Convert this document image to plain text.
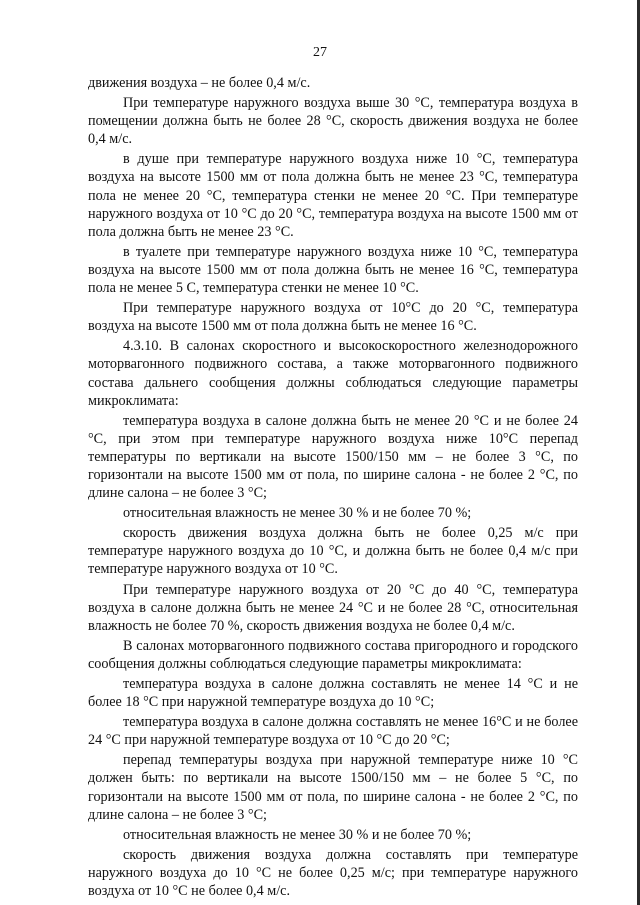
27

движения воздуха – не более 0,4 м/с.

При температуре наружного воздуха выше 30 °С, температура воздуха в помещении должна быть не более 28 °С, скорость движения воздуха не более 0,4 м/с.

в душе при температуре наружного воздуха ниже 10 °С, температура воздуха на высоте 1500 мм от пола должна быть не менее 23 °С, температура пола не менее 20 °С, температура стенки не менее 20 °С. При температуре наружного воздуха от 10 °С до 20 °С, температура воздуха на высоте 1500 мм от пола должна быть не менее 23 °С.

в туалете при температуре наружного воздуха ниже 10 °С, температура воздуха на высоте 1500 мм от пола должна быть не менее 16 °С, температура пола не менее 5 С, температура стенки не менее 10 °С.

При температуре наружного воздуха от 10°С до 20 °С, температура воздуха на высоте 1500 мм от пола должна быть не менее 16 °С.

4.3.10. В салонах скоростного и высокоскоростного железнодорожного моторвагонного подвижного состава, а также моторвагонного подвижного состава дальнего сообщения должны соблюдаться следующие параметры микроклимата:

температура воздуха в салоне должна быть не менее 20 °С и не более 24 °С, при этом при температуре наружного воздуха ниже 10°С перепад температуры по вертикали на высоте 1500/150 мм – не более 3 °С, по горизонтали на высоте 1500 мм от пола, по ширине салона - не более 2 °С, по длине салона – не более 3 °С;

относительная влажность не менее 30 % и не более 70 %;

скорость движения воздуха должна быть не более 0,25 м/с при температуре наружного воздуха до 10 °С, и должна быть не более 0,4 м/с при температуре наружного воздуха от 10 °С.

При температуре наружного воздуха от 20 °С до 40 °С, температура воздуха в салоне должна быть не менее 24 °С и не более 28 °С, относительная влажность не более 70 %, скорость движения воздуха не более 0,4 м/с.

В салонах моторвагонного подвижного состава пригородного и городского сообщения должны соблюдаться следующие параметры микроклимата:

температура воздуха в салоне должна составлять не менее 14 °С и не более 18 °С при наружной температуре воздуха до 10 °С;

температура воздуха в салоне должна составлять не менее 16°С и не более 24 °С при наружной температуре воздуха от 10 °С до 20 °С;

перепад температуры воздуха при наружной температуре ниже 10 °С должен быть: по вертикали на высоте 1500/150 мм – не более 5 °С, по горизонтали на высоте 1500 мм от пола, по ширине салона - не более 2 °С, по длине салона – не более 3 °С;

относительная влажность не менее 30 % и не более 70 %;

скорость движения воздуха должна составлять при температуре наружного воздуха до 10 °С не более 0,25 м/с; при температуре наружного воздуха от 10 °С не более 0,4 м/с.
